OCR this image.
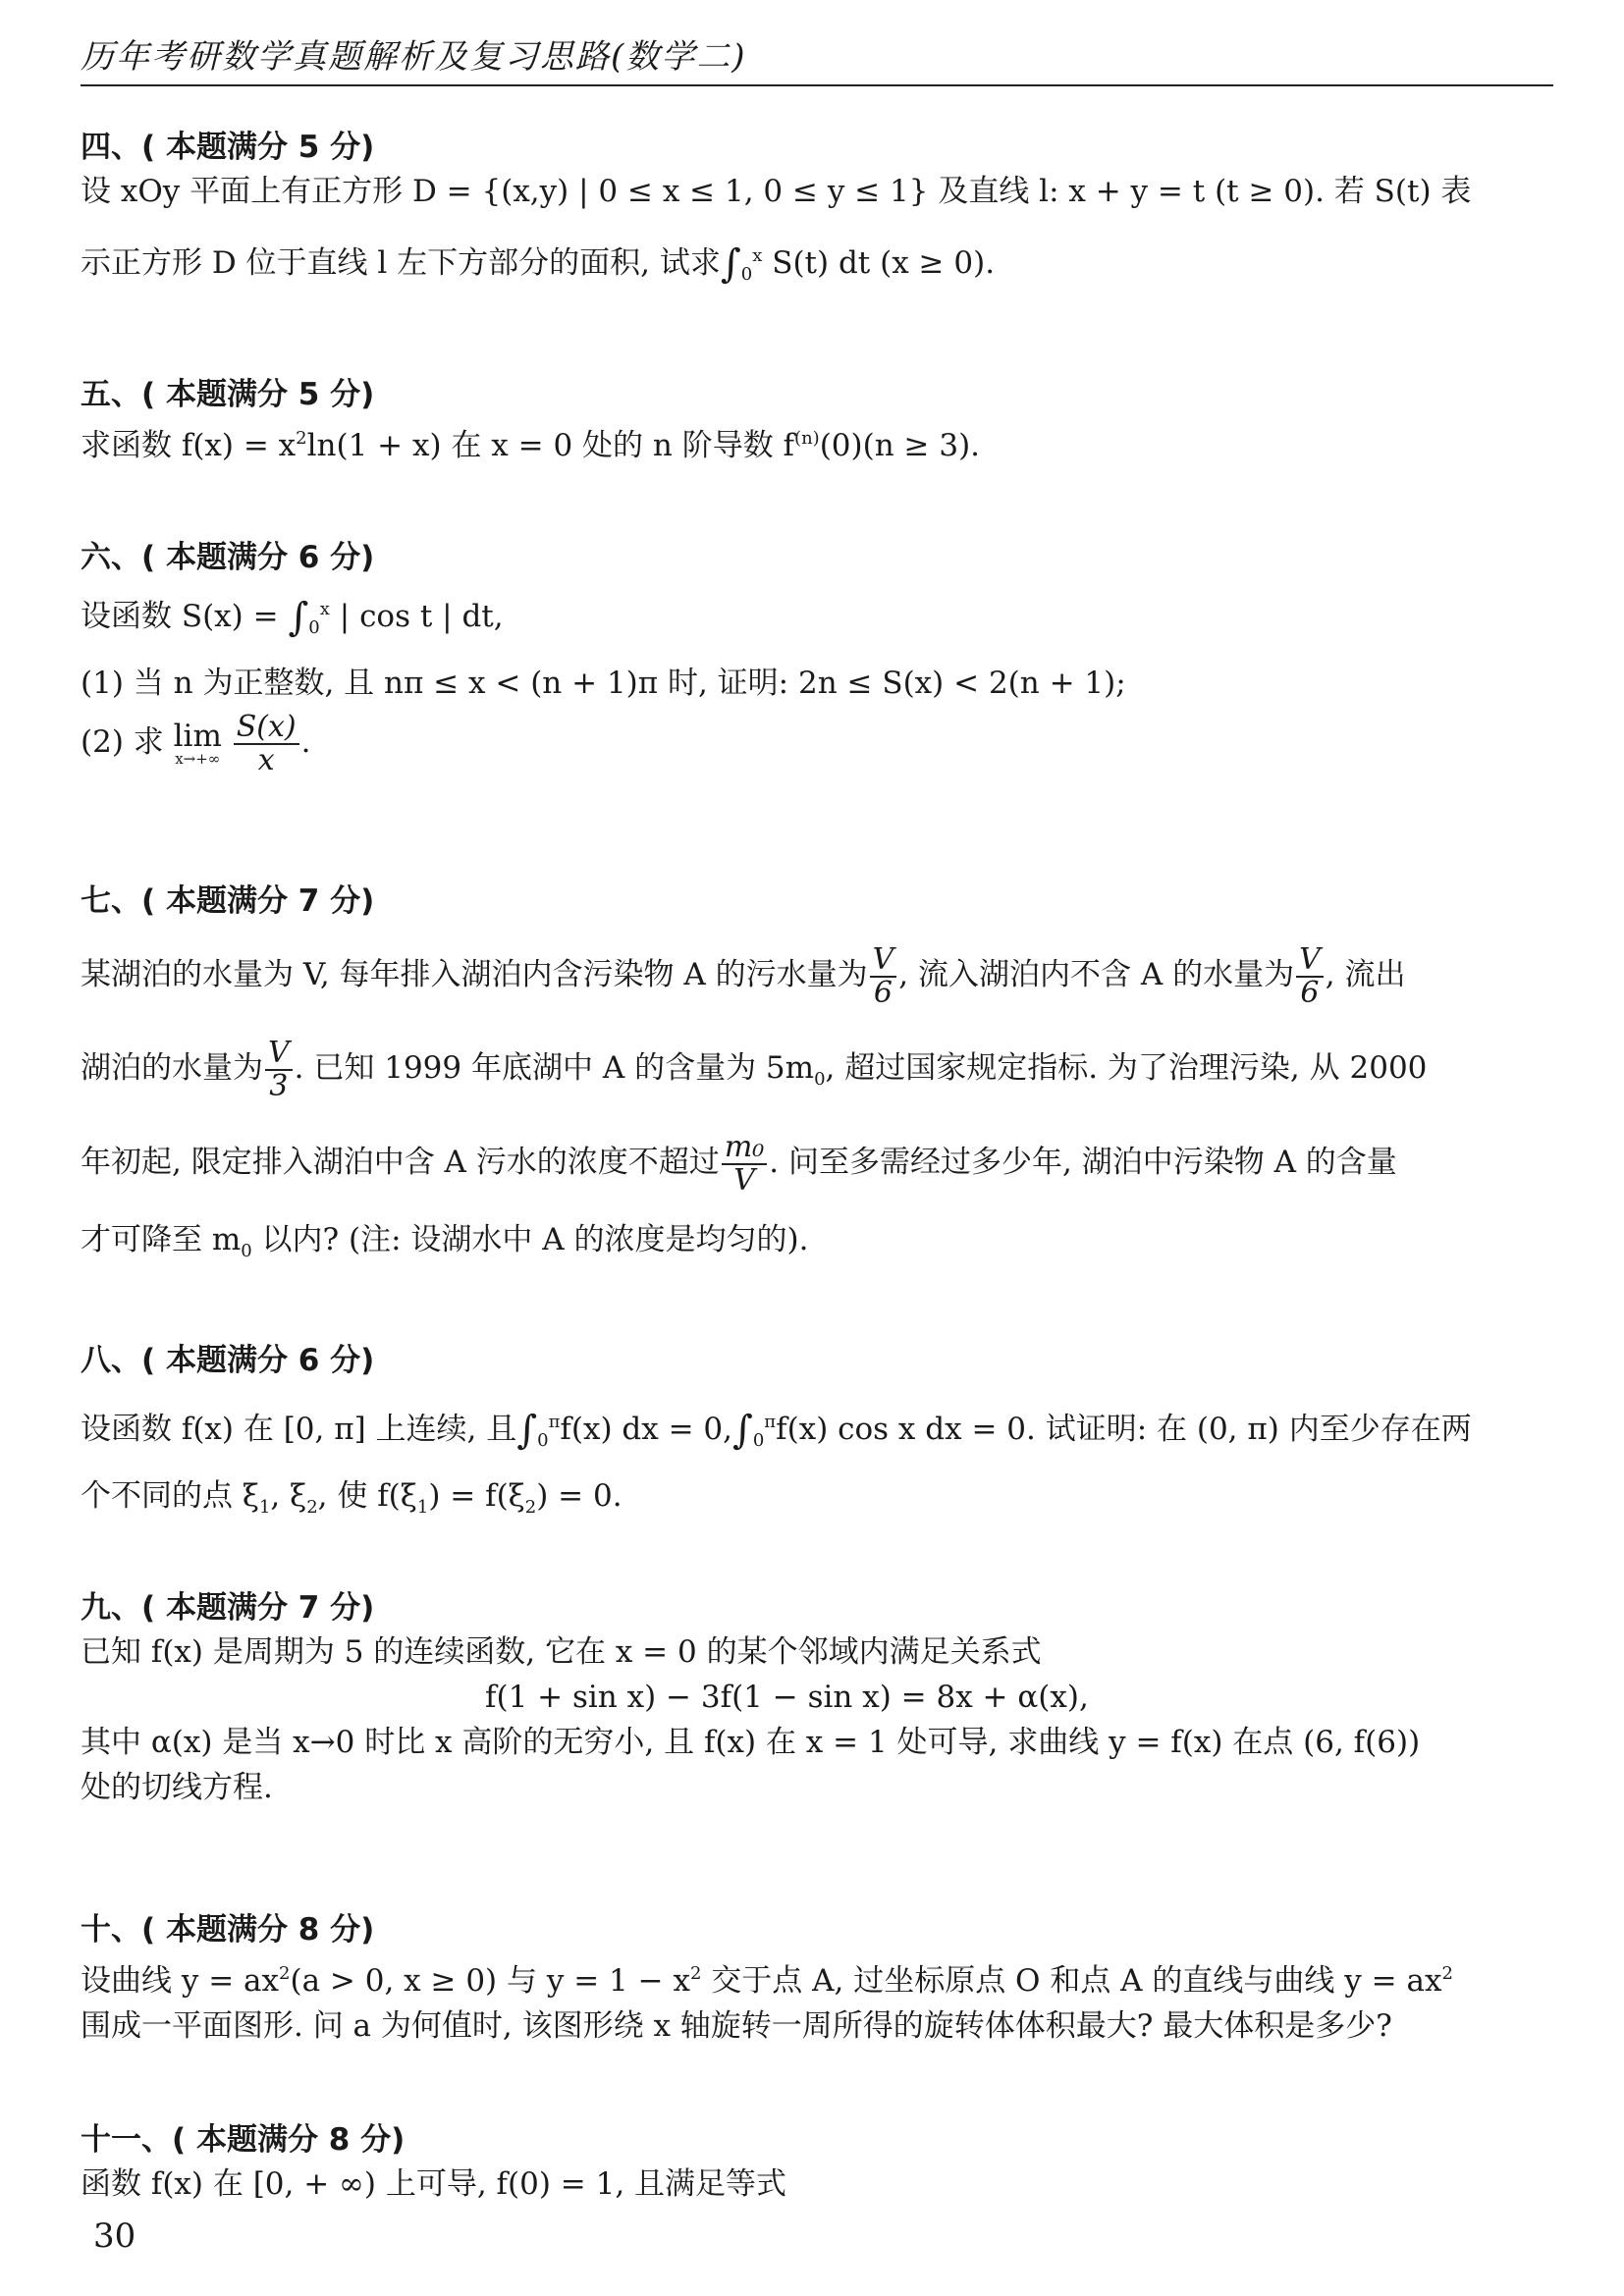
历年考研数学真题解析及复习思路(数学二)
四、( 本题满分 5 分)
设 xOy 平面上有正方形 D = {(x,y) | 0 ≤ x ≤ 1, 0 ≤ y ≤ 1} 及直线 l: x + y = t (t ≥ 0). 若 S(t) 表
示正方形 D 位于直线 l 左下方部分的面积, 试求$\int_0^x$ S(t) dt (x ≥ 0).
五、( 本题满分 5 分)
求函数 $f(x) = x^2\ln(1 + x)$ 在 x = 0 处的 n 阶导数 $f^{(n)}(0)(n \ge 3)$.
六、( 本题满分 6 分)
设函数 $S(x) = \int_0^x$ | cos t | dt,
(1) 当 n 为正整数, 且 nπ ≤ x < (n + 1)π 时, 证明: 2n ≤ S(x) < 2(n + 1);
(2) 求 lim
x→+∞
$\frac{S(x)}{x}$ .
七、( 本题满分 7 分)
某湖泊的水量为 V, 每年排入湖泊内含污染物 A 的污水量为 $\frac{V}{6}$ , 流入湖泊内不含 A 的水量为 $\frac{V}{6}$ , 流出
湖泊的水量为 $\frac{V}{3}$ . 已知 1999 年底湖中 A 的含量为 $5m_0$, 超过国家规定指标. 为了治理污染, 从 2000
年初起, 限定排入湖泊中含 A 污水的浓度不超过 $\frac{\text{m₀}}{V}$ . 问至多需经过多少年, 湖泊中污染物 A 的含量
才可降至 $m_0$ 以内? (注: 设湖水中 A 的浓度是均匀的).
八、( 本题满分 6 分)
设函数 f(x) 在 [0, π] 上连续, 且$\int_0^\pi f(x)$ dx = $0,\int_0^\pi f(x)$ cos x dx = 0. 试证明: 在 (0, π) 内至少存在两
个不同的点 $\xi_1$, $\xi_2$, 使 $f(\xi_1) = f(\xi_2) = 0$.
九、( 本题满分 7 分)
已知 f(x) 是周期为 5 的连续函数, 它在 x = 0 的某个邻域内满足关系式
f(1 + sin x) − 3f(1 − sin x) = 8x + α(x),
其中 α(x) 是当 x→0 时比 x 高阶的无穷小, 且 f(x) 在 x = 1 处可导, 求曲线 y = f(x) 在点 (6, f(6))
处的切线方程.
十、( 本题满分 8 分)
设曲线 $y = ax^2(a > 0$, x ≥ 0) 与 $y = 1 - x^2$ 交于点 A, 过坐标原点 O 和点 A 的直线与曲线 $y = ax^2$
围成一平面图形. 问 a 为何值时, 该图形绕 x 轴旋转一周所得的旋转体体积最大? 最大体积是多少?
十一、( 本题满分 8 分)
函数 f(x) 在 [0, + ∞) 上可导, f(0) = 1, 且满足等式
30
